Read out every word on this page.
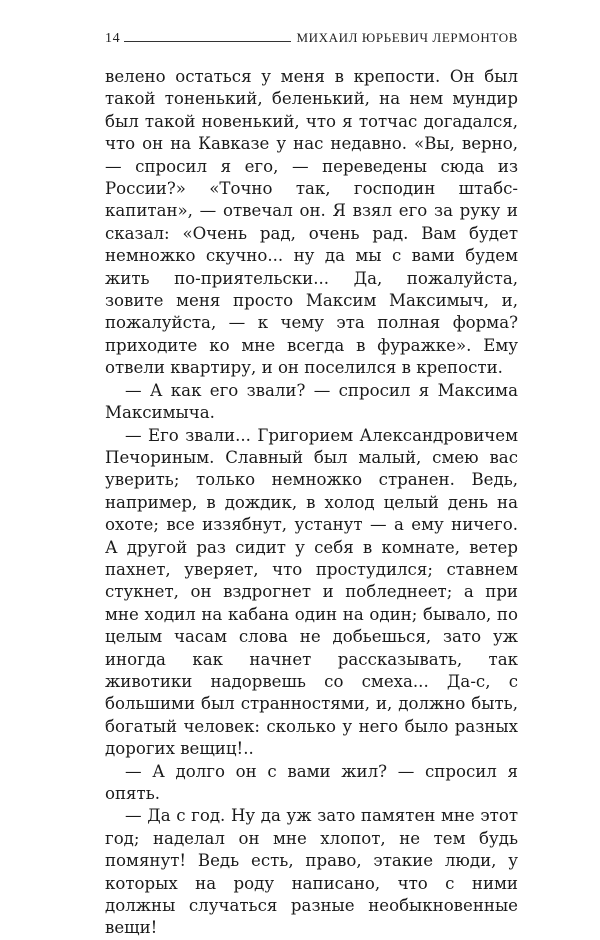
14	МИХАИЛ ЮРЬЕВИЧ ЛЕРМОНТОВ

велено остаться у меня в крепости. Он был такой тоненький, беленький, на нем мундир был такой новенький, что я тотчас догадался, что он на Кавказе у нас недавно. «Вы, верно, — спросил я его, — переведены сюда из России?» «Точно так, господин штабс-капитан», — отвечал он. Я взял его за руку и сказал: «Очень рад, очень рад. Вам будет немножко скучно... ну да мы с вами будем жить по-приятельски... Да, пожалуйста, зовите меня просто Максим Максимыч, и, пожалуйста, — к чему эта полная форма? приходите ко мне всегда в фуражке». Ему отвели квартиру, и он поселился в крепости.

— А как его звали? — спросил я Максима Максимыча.

— Его звали... Григорием Александровичем Печориным. Славный был малый, смею вас уверить; только немножко странен. Ведь, например, в дождик, в холод целый день на охоте; все иззябнут, устанут — а ему ничего. А другой раз сидит у себя в комнате, ветер пахнет, уверяет, что простудился; ставнем стукнет, он вздрогнет и побледнеет; а при мне ходил на кабана один на один; бывало, по целым часам слова не добьешься, зато уж иногда как начнет рассказывать, так животики надорвешь со смеха... Да-с, с большими был странностями, и, должно быть, богатый человек: сколько у него было разных дорогих вещиц!..

— А долго он с вами жил? — спросил я опять.

— Да с год. Ну да уж зато памятен мне этот год; наделал он мне хлопот, не тем будь помянут! Ведь есть, право, этакие люди, у которых на роду написано, что с ними должны случаться разные необыкновенные вещи!
